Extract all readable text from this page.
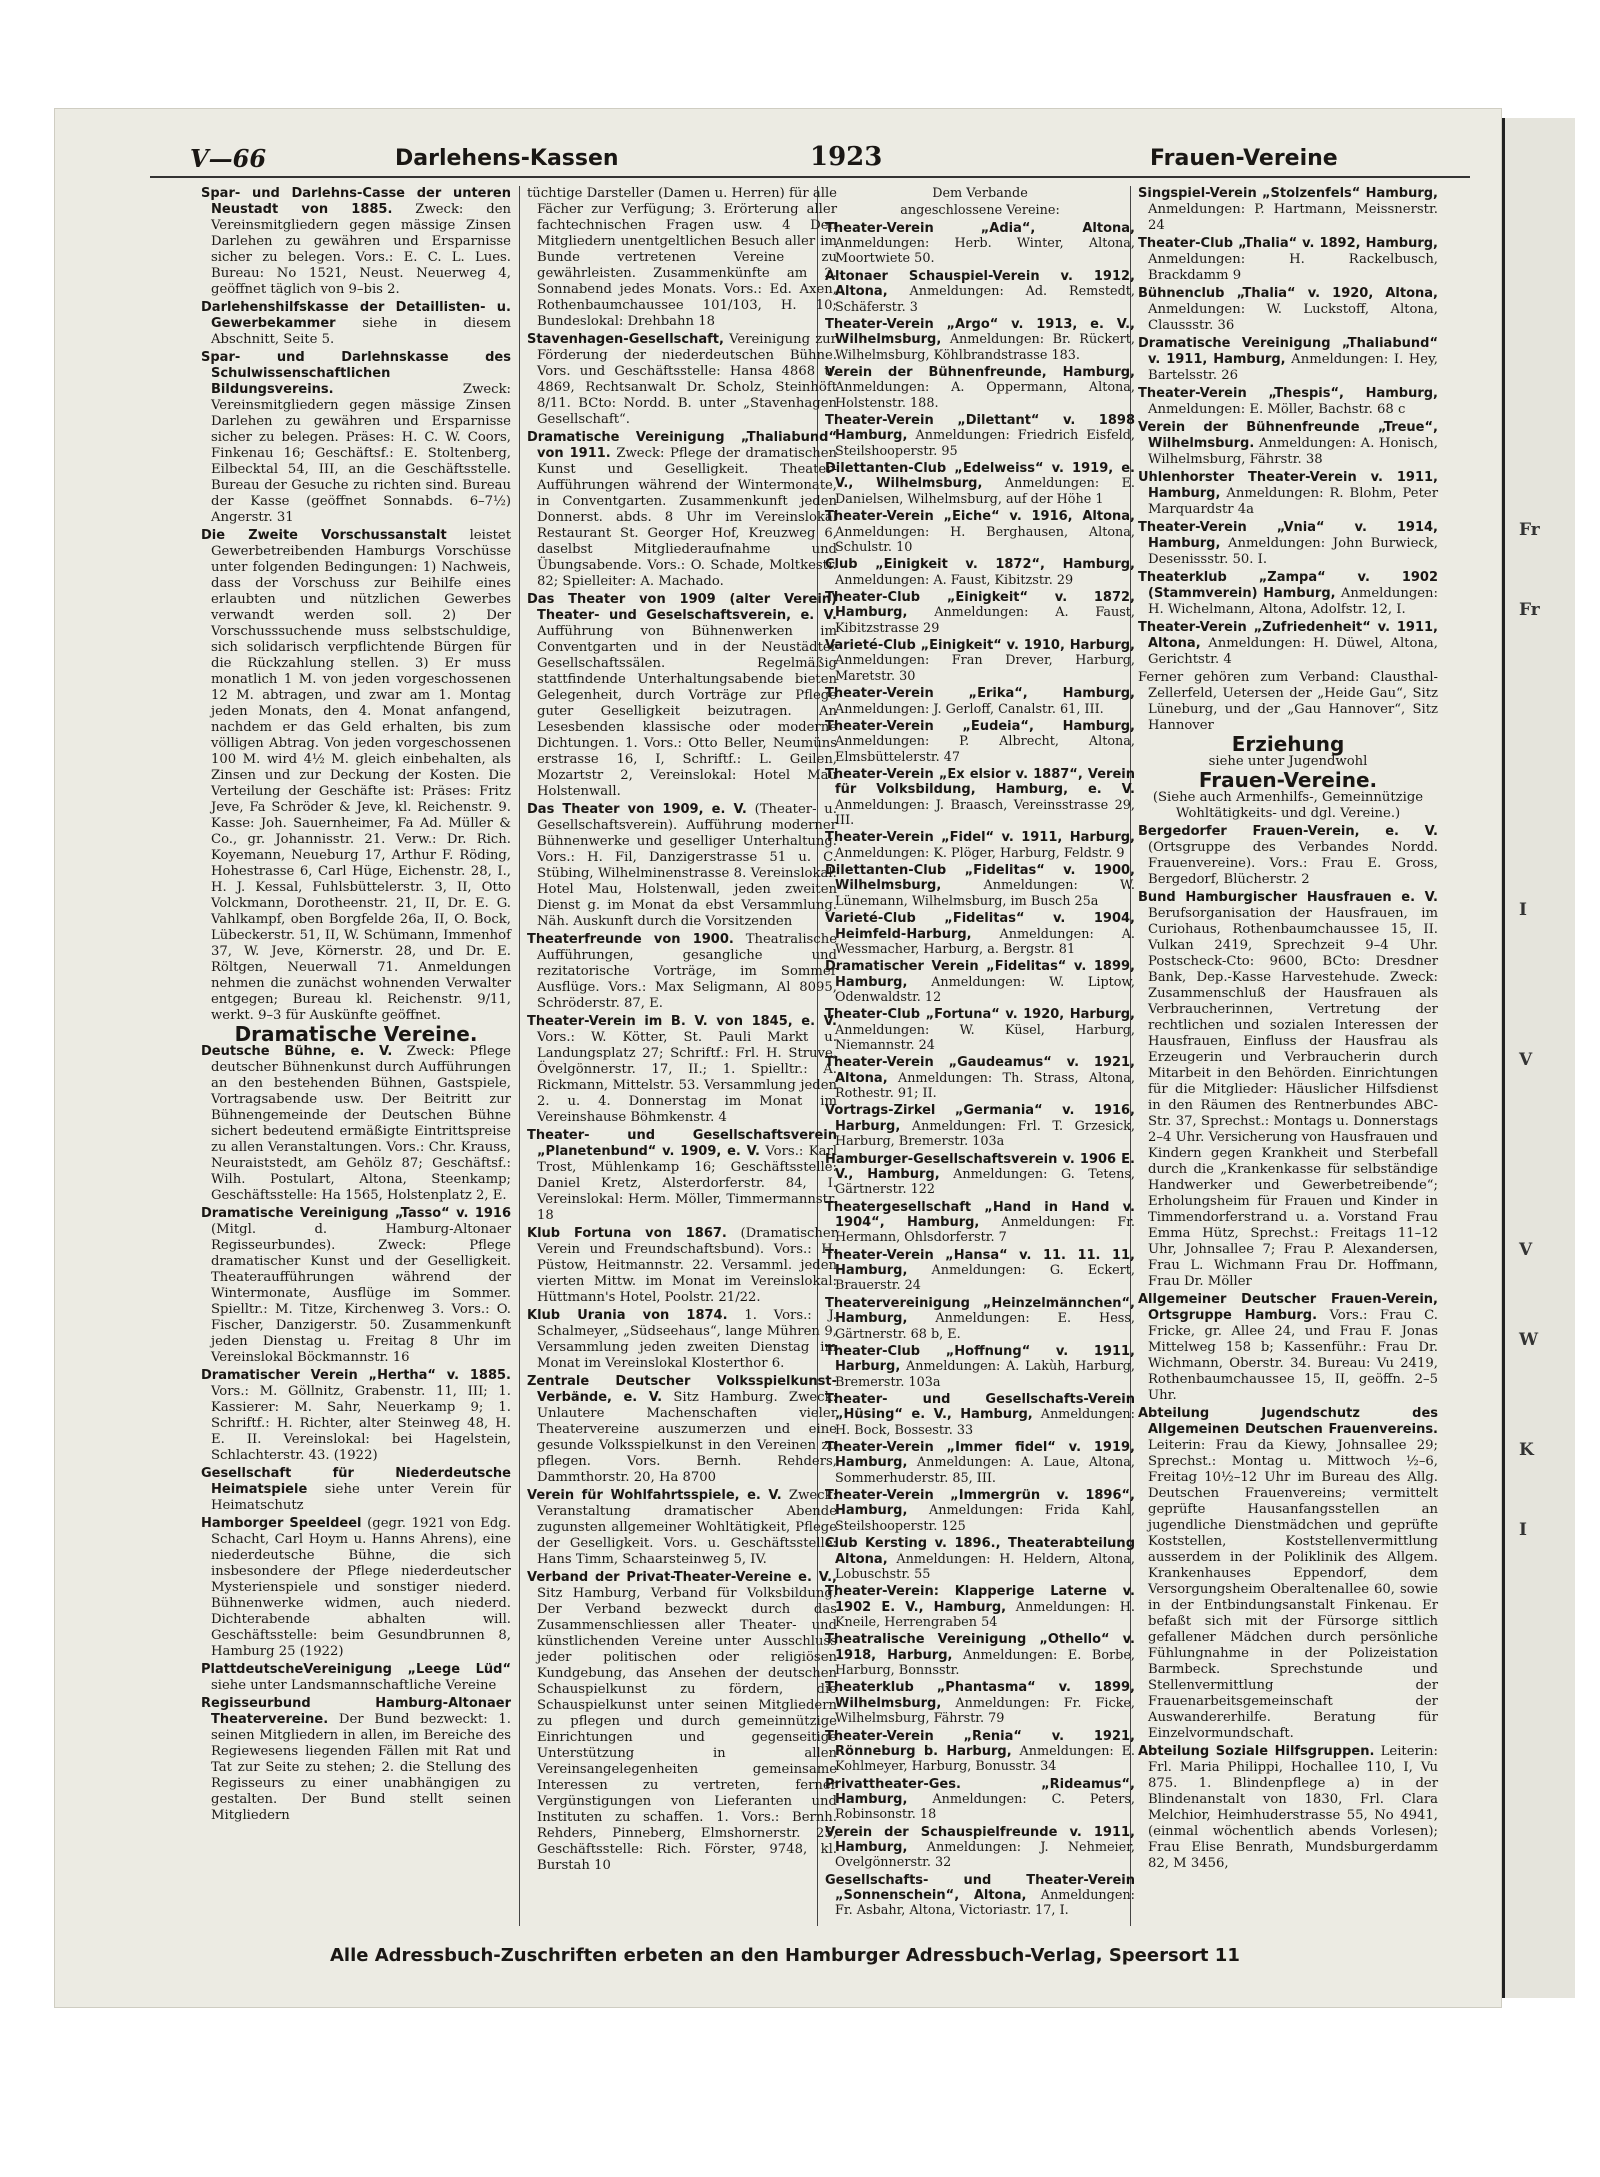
Fr
Fr
I
V
V
W
K
I
V—66	Darlehens-Kassen	1923	Frauen-Vereine

Spar- und Darlehns-Casse der unteren Neustadt von 1885. Zweck: den Vereinsmitgliedern gegen mässige Zinsen Darlehen zu gewähren und Ersparnisse sicher zu belegen. Vors.: E. C. L. Lues. Bureau: No 1521, Neust. Neuerweg 4, geöffnet täglich von 9–bis 2.

Darlehenshilfskasse der Detaillisten- u. Gewerbekammer siehe in diesem Abschnitt, Seite 5.

Spar- und Darlehnskasse des Schulwissenschaftlichen Bildungsvereins.	Zweck: Vereinsmitgliedern gegen mässige Zinsen Darlehen zu gewähren und Ersparnisse sicher zu belegen. Präses: H. C. W. Coors, Finkenau 16; Geschäftsf.: E. Stoltenberg, Eilbecktal 54, III, an die Geschäftsstelle. Bureau der Gesuche zu richten sind. Bureau der Kasse (geöffnet Sonnabds. 6–7½) Angerstr. 31

Die Zweite Vorschussanstalt leistet Gewerbetreibenden Hamburgs Vorschüsse unter folgenden Bedingungen: 1) Nachweis, dass der Vorschuss zur Beihilfe eines erlaubten und nützlichen Gewerbes verwandt werden soll. 2) Der Vorschusssuchende muss selbstschuldige, sich solidarisch verpflichtende Bürgen für die Rückzahlung stellen. 3) Er muss monatlich 1 M. von jeden vorgeschossenen 12 M. abtragen, und zwar am 1. Montag jeden Monats, den 4. Monat anfangend, nachdem er das Geld erhalten, bis zum völligen Abtrag. Von jeden vorgeschossenen 100 M. wird 4½ M. gleich einbehalten, als Zinsen und zur Deckung der Kosten. Die Verteilung der Geschäfte ist: Präses: Fritz Jeve, Fa Schröder & Jeve, kl. Reichenstr. 9. Kasse: Joh. Sauernheimer, Fa Ad. Müller & Co., gr. Johannisstr. 21. Verw.: Dr. Rich. Koyemann, Neueburg 17, Arthur F. Röding, Hohestrasse 6, Carl Hüge, Eichenstr. 28, I., H. J. Kessal, Fuhlsbüttelerstr. 3, II, Otto Volckmann, Dorotheenstr. 21, II, Dr. E. G. Vahlkampf, oben Borgfelde 26a, II, O. Bock, Lübeckerstr. 51, II, W. Schümann, Immenhof 37, W. Jeve, Körnerstr. 28, und Dr. E. Röltgen, Neuerwall 71. Anmeldungen nehmen die zunächst wohnenden Verwalter entgegen; Bureau kl. Reichenstr. 9/11, werkt. 9–3 für Auskünfte geöffnet.

Dramatische Vereine.

Deutsche Bühne, e. V. Zweck: Pflege deutscher Bühnenkunst durch Aufführungen an den bestehenden Bühnen, Gastspiele, Vortragsabende usw. Der Beitritt zur Bühnengemeinde der Deutschen Bühne sichert bedeutend ermäßigte Eintrittspreise zu allen Veranstaltungen. Vors.: Chr. Krauss, Neuraiststedt, am Gehölz 87; Geschäftsf.: Wilh. Postulart, Altona, Steenkamp; Geschäftsstelle: Ha 1565, Holstenplatz 2, E.

Dramatische Vereinigung „Tasso“ v. 1916 (Mitgl. d. Hamburg-Altonaer Regisseurbundes). Zweck: Pflege dramatischer Kunst und der Geselligkeit. Theateraufführungen während der Wintermonate, Ausflüge im Sommer. Spielltr.: M. Titze, Kirchenweg 3. Vors.: O. Fischer, Danzigerstr. 50. Zusammenkunft jeden Dienstag u. Freitag 8 Uhr im Vereinslokal Böckmannstr. 16

Dramatischer Verein „Hertha“ v. 1885. Vors.: M. Göllnitz, Grabenstr. 11, III; 1. Kassierer: M. Sahr, Neuerkamp 9; 1. Schriftf.: H. Richter, alter Steinweg 48, H. E. II. Vereinslokal: bei Hagelstein, Schlachterstr. 43. (1922)

Gesellschaft für Niederdeutsche Heimatspiele siehe unter Verein für Heimatschutz

Hamborger Speeldeel (gegr. 1921 von Edg. Schacht, Carl Hoym u. Hanns Ahrens), eine niederdeutsche Bühne, die sich insbesondere der Pflege niederdeutscher Mysterienspiele und sonstiger niederd. Bühnenwerke widmen, auch niederd. Dichterabende abhalten will. Geschäftsstelle: beim Gesundbrunnen 8, Hamburg 25 (1922)

PlattdeutscheVereinigung „Leege Lüd“ siehe unter Landsmannschaftliche Vereine

Regisseurbund Hamburg-Altonaer Theatervereine. Der Bund bezweckt: 1. seinen Mitgliedern in allen, im Bereiche des Regiewesens liegenden Fällen mit Rat und Tat zur Seite zu stehen; 2. die Stellung des Regisseurs zu einer unabhängigen zu gestalten. Der Bund stellt seinen Mitgliedern

tüchtige Darsteller (Damen u. Herren) für alle Fächer zur Verfügung; 3. Erörterung aller fachtechnischen Fragen usw. 4 Den Mitgliedern unentgeltlichen Besuch aller im Bunde vertretenen Vereine zu gewährleisten. Zusammenkünfte am 2. Sonnabend jedes Monats. Vors.: Ed. Axen, Rothenbaumchaussee 101/103, H. 10; Bundeslokal: Drehbahn 18

Stavenhagen-Gesellschaft, Vereinigung zur Förderung der niederdeutschen Bühne. Vors. und Geschäftsstelle: Hansa 4868 u. 4869, Rechtsanwalt Dr. Scholz, Steinhöft 8/11. BCto: Nordd. B. unter „Stavenhagen Gesellschaft“.

Dramatische Vereinigung „Thaliabund“ von 1911. Zweck: Pflege der dramatischen Kunst und Geselligkeit. Theater-Aufführungen während der Wintermonate, in Conventgarten. Zusammenkunft jeden Donnerst. abds. 8 Uhr im Vereinslokal Restaurant St. Georger Hof, Kreuzweg 6, daselbst Mitgliederaufnahme und Übungsabende. Vors.: O. Schade, Moltkestr. 82; Spielleiter: A. Machado.

Das Theater von 1909 (alter Verein) Theater- und Geselschaftsverein, e. V. Aufführung von Bühnenwerken im Conventgarten und in der Neustädter Gesellschaftssälen. Regelmäßig stattfindende Unterhaltungsabende bieten Gelegenheit, durch Vorträge zur Pflege guter Geselligkeit beizutragen. An Lesesbenden klassische oder moderne Dichtungen. 1. Vors.: Otto Beller, Neumüns erstrasse 16, I, Schriftf.: L. Geilen, Mozartstr 2, Vereinslokal: Hotel Mau Holstenwall.

Das Theater von 1909, e. V. (Theater- u. Gesellschaftsverein). Aufführung moderner Bühnenwerke und geselliger Unterhaltung. Vors.: H. Fil, Danzigerstrasse 51 u. C. Stübing, Wilhelminenstrasse 8. Vereinslokal: Hotel Mau, Holstenwall, jeden zweiten Dienst g. im Monat da ebst Versammlung. Näh. Auskunft durch die Vorsitzenden

Theaterfreunde von 1900. Theatralische Aufführungen, gesangliche und rezitatorische Vorträge, im Sommer Ausflüge. Vors.: Max Seligmann, Al 8095, Schröderstr. 87, E.

Theater-Verein im B. V. von 1845, e. V. Vors.: W. Kötter, St. Pauli Markt u. Landungsplatz 27; Schriftf.: Frl. H. Struve, Övelgönnerstr. 17, II.; 1. Spielltr.: A. Rickmann, Mittelstr. 53. Versammlung jeden 2. u. 4. Donnerstag im Monat im Vereinshause Böhmkenstr. 4

Theater- und Gesellschaftsverein „Planetenbund“ v. 1909, e. V. Vors.: Karl Trost, Mühlenkamp 16; Geschäftsstelle: Daniel Kretz, Alsterdorferstr. 84, I. Vereinslokal: Herm. Möller, Timmermannstr. 18

Klub Fortuna von 1867. (Dramatischer Verein und Freundschaftsbund). Vors.: H. Püstow, Heitmannstr. 22. Versamml. jeden vierten Mittw. im Monat im Vereinslokal: Hüttmann's Hotel, Poolstr. 21/22.

Klub Urania von 1874. 1. Vors.: J. Schalmeyer, „Südseehaus“, lange Mühren 9, Versammlung jeden zweiten Dienstag im Monat im Vereinslokal Klosterthor 6.

Zentrale Deutscher Volksspielkunst-Verbände, e. V. Sitz Hamburg. Zweck: Unlautere Machenschaften vieler Theatervereine auszumerzen und eine gesunde Volksspielkunst in den Vereinen zu pflegen. Vors. Bernh. Rehders, Dammthorstr. 20, Ha 8700

Verein für Wohlfahrtsspiele, e. V. Zweck: Veranstaltung dramatischer Abende zugunsten allgemeiner Wohltätigkeit, Pflege der Geselligkeit. Vors. u. Geschäftsstelle: Hans Timm, Schaarsteinweg 5, IV.

Verband der Privat-Theater-Vereine e. V., Sitz Hamburg, Verband für Volksbildung. Der Verband bezweckt durch das Zusammenschliessen aller Theater- und künstlichenden Vereine unter Ausschluss jeder politischen oder religiösen Kundgebung, das Ansehen der deutschen Schauspielkunst zu fördern, die Schauspielkunst unter seinen Mitgliedern zu pflegen und durch gemeinnützige Einrichtungen und gegenseitige Unterstützung in allen Vereinsangelegenheiten gemeinsame Interessen zu vertreten, ferner Vergünstigungen von Lieferanten und Instituten zu schaffen. 1. Vors.: Bernh. Rehders, Pinneberg, Elmshornerstr. 25, Geschäftsstelle: Rich. Förster, 9748, kl. Burstah 10

Dem Verbande

angeschlossene Vereine:

Theater-Verein „Adia“, Altona, Anmeldungen: Herb. Winter, Altona, Moortwiete 50.

Altonaer Schauspiel-Verein v. 1912, Altona, Anmeldungen: Ad. Remstedt, Schäferstr. 3

Theater-Verein „Argo“ v. 1913, e. V., Wilhelmsburg, Anmeldungen: Br. Rückert, Wilhelmsburg, Köhlbrandstrasse 183.

Verein der Bühnenfreunde, Hamburg, Anmeldungen: A. Oppermann, Altona, Holstenstr. 188.

Theater-Verein „Dilettant“ v. 1898 Hamburg, Anmeldungen: Friedrich Eisfeld, Steilshooperstr. 95

Dilettanten-Club „Edelweiss“ v. 1919, e. V., Wilhelmsburg, Anmeldungen: E. Danielsen, Wilhelmsburg, auf der Höhe 1

Theater-Verein „Eiche“ v. 1916, Altona, Anmeldungen: H. Berghausen, Altona, Schulstr. 10

Club „Einigkeit v. 1872“, Hamburg, Anmeldungen: A. Faust, Kibitzstr. 29

Theater-Club „Einigkeit“ v. 1872, Hamburg, Anmeldungen: A. Faust, Kibitzstrasse 29

Varieté-Club „Einigkeit“ v. 1910, Harburg, Anmeldungen: Fran Drever, Harburg, Maretstr. 30

Theater-Verein „Erika“, Hamburg, Anmeldungen: J. Gerloff, Canalstr. 61, III.

Theater-Verein „Eudeia“, Hamburg, Anmeldungen: P. Albrecht, Altona, Elmsbüttelerstr. 47

Theater-Verein „Ex elsior v. 1887“, Verein für Volksbildung, Hamburg, e. V. Anmeldungen: J. Braasch, Vereinsstrasse 29, III.

Theater-Verein „Fidel“ v. 1911, Harburg, Anmeldungen: K. Plöger, Harburg, Feldstr. 9

Dilettanten-Club „Fidelitas“ v. 1900, Wilhelmsburg,	Anmeldungen: W. Lünemann, Wilhelmsburg, im Busch 25a

Varieté-Club „Fidelitas“ v. 1904, Heimfeld-Harburg, Anmeldungen: A. Wessmacher, Harburg, a. Bergstr. 81

Dramatischer Verein „Fidelitas“ v. 1899, Hamburg, Anmeldungen: W. Liptow, Odenwaldstr. 12

Theater-Club „Fortuna“ v. 1920, Harburg, Anmeldungen: W. Küsel, Harburg, Niemannstr. 24

Theater-Verein „Gaudeamus“ v. 1921, Altona, Anmeldungen: Th. Strass, Altona, Rothestr. 91; II.

Vortrags-Zirkel „Germania“ v. 1916, Harburg, Anmeldungen: Frl. T. Grzesick, Harburg, Bremerstr. 103a

Hamburger-Gesellschaftsverein v. 1906 E. V., Hamburg, Anmeldungen: G. Tetens, Gärtnerstr. 122

Theatergesellschaft „Hand in Hand v. 1904“, Hamburg, Anmeldungen: Fr. Hermann, Ohlsdorferstr. 7

Theater-Verein „Hansa“ v. 11. 11. 11, Hamburg, Anmeldungen: G. Eckert, Brauerstr. 24

Theatervereinigung „Heinzelmännchen“, Hamburg, Anmeldungen: E. Hess, Gärtnerstr. 68 b, E.

Theater-Club „Hoffnung“ v. 1911, Harburg, Anmeldungen: A. Lakùh, Harburg, Bremerstr. 103a

Theater- und Gesellschafts-Verein „Hüsing“ e. V., Hamburg, Anmeldungen: H. Bock, Bossestr. 33

Theater-Verein „Immer fidel“ v. 1919, Hamburg, Anmeldungen: A. Laue, Altona, Sommerhuderstr. 85, III.

Theater-Verein „Immergrün v. 1896“, Hamburg, Anmeldungen: Frida Kahl, Steilshooperstr. 125

Club Kersting v. 1896., Theaterabteilung Altona, Anmeldungen: H. Heldern, Altona, Lobuschstr. 55

Theater-Verein: Klapperige Laterne v. 1902 E. V., Hamburg, Anmeldungen: H. Kneile, Herrengraben 54

Theatralische Vereinigung „Othello“ v. 1918, Harburg, Anmeldungen: E. Borbe, Harburg, Bonnsstr.

Theaterklub „Phantasma“ v. 1899, Wilhelmsburg, Anmeldungen: Fr. Ficke, Wilhelmsburg, Fährstr. 79

Theater-Verein „Renia“ v. 1921, Rönneburg b. Harburg, Anmeldungen: E. Kohlmeyer, Harburg, Bonusstr. 34

Privattheater-Ges. „Rideamus“, Hamburg, Anmeldungen: C. Peters, Robinsonstr. 18

Verein der Schauspielfreunde v. 1911, Hamburg, Anmeldungen: J. Nehmeier, Ovelgönnerstr. 32

Gesellschafts- und Theater-Verein „Sonnenschein“, Altona, Anmeldungen: Fr. Asbahr, Altona, Victoriastr. 17, I.

Singspiel-Verein „Stolzenfels“ Hamburg, Anmeldungen: P. Hartmann, Meissnerstr. 24

Theater-Club „Thalia“ v. 1892, Hamburg, Anmeldungen: H. Rackelbusch, Brackdamm 9

Bühnenclub „Thalia“ v. 1920, Altona, Anmeldungen: W. Luckstoff, Altona, Claussstr. 36

Dramatische Vereinigung „Thaliabund“ v. 1911, Hamburg, Anmeldungen: I. Hey, Bartelsstr. 26

Theater-Verein „Thespis“, Hamburg, Anmeldungen: E. Möller, Bachstr. 68 c

Verein der Bühnenfreunde „Treue“, Wilhelmsburg. Anmeldungen: A. Honisch, Wilhelmsburg, Fährstr. 38

Uhlenhorster Theater-Verein v. 1911, Hamburg, Anmeldungen: R. Blohm, Peter Marquardstr 4a

Theater-Verein „Vnia“ v. 1914, Hamburg, Anmeldungen: John Burwieck, Desenissstr. 50. I.

Theaterklub „Zampa“ v. 1902 (Stammverein) Hamburg, Anmeldungen: H. Wichelmann, Altona, Adolfstr. 12, I.

Theater-Verein „Zufriedenheit“ v. 1911, Altona, Anmeldungen: H. Düwel, Altona, Gerichtstr. 4

Ferner gehören zum Verband: Clausthal-Zellerfeld, Uetersen der „Heide Gau“, Sitz Lüneburg, und der „Gau Hannover“, Sitz Hannover

Erziehung

siehe unter Jugendwohl

Frauen-Vereine.

(Siehe auch Armenhilfs-, Gemeinnützige Wohltätigkeits- und dgl. Vereine.)

Bergedorfer Frauen-Verein, e. V. (Ortsgruppe des Verbandes Nordd. Frauenvereine). Vors.: Frau E. Gross, Bergedorf, Blücherstr. 2

Bund Hamburgischer Hausfrauen e. V. Berufsorganisation der Hausfrauen, im Curiohaus, Rothenbaumchaussee 15, II. Vulkan 2419, Sprechzeit 9–4 Uhr. Postscheck-Cto: 9600, BCto: Dresdner Bank, Dep.-Kasse Harvestehude. Zweck: Zusammenschluß der Hausfrauen als Verbraucherinnen, Vertretung der rechtlichen und sozialen Interessen der Hausfrauen, Einfluss der Hausfrau als Erzeugerin und Verbraucherin durch Mitarbeit in den Behörden. Einrichtungen für die Mitglieder: Häuslicher Hilfsdienst in den Räumen des Rentnerbundes ABC-Str. 37, Sprechst.: Montags u. Donnerstags 2–4 Uhr. Versicherung von Hausfrauen und Kindern gegen Krankheit und Sterbefall durch die „Krankenkasse für selbständige Handwerker und Gewerbetreibende“; Erholungsheim für Frauen und Kinder in Timmendorferstrand u. a. Vorstand Frau Emma Hütz, Sprechst.: Freitags 11–12 Uhr, Johnsallee 7; Frau P. Alexandersen, Frau L. Wichmann Frau Dr. Hoffmann, Frau Dr. Möller

Allgemeiner Deutscher Frauen-Verein, Ortsgruppe Hamburg. Vors.: Frau C. Fricke, gr. Allee 24, und Frau F. Jonas Mittelweg 158 b; Kassenführ.: Frau Dr. Wichmann, Oberstr. 34. Bureau: Vu 2419, Rothenbaumchaussee 15, II, geöffn. 2–5 Uhr.

Abteilung Jugendschutz des Allgemeinen Deutschen Frauenvereins. Leiterin: Frau da Kiewy, Johnsallee 29; Sprechst.: Montag u. Mittwoch ½–6, Freitag 10½–12 Uhr im Bureau des Allg. Deutschen Frauenvereins; vermittelt geprüfte Hausanfangsstellen an jugendliche Dienstmädchen und geprüfte Koststellen, Koststellenvermittlung ausserdem in der Poliklinik des Allgem. Krankenhauses Eppendorf, dem Versorgungsheim Oberaltenallee 60, sowie in der Entbindungsanstalt Finkenau. Er befaßt sich mit der Fürsorge sittlich gefallener Mädchen durch persönliche Fühlungnahme in der Polizeistation Barmbeck. Sprechstunde und Stellenvermittlung der Frauenarbeitsgemeinschaft der Auswandererhilfe. Beratung für Einzelvormundschaft.

Abteilung Soziale Hilfsgruppen. Leiterin: Frl. Maria Philippi, Hochallee 110, I, Vu 875. 1. Blindenpflege a) in der Blindenanstalt von 1830, Frl. Clara Melchior, Heimhuderstrasse 55, No 4941, (einmal wöchentlich abends Vorlesen); Frau Elise Benrath, Mundsburgerdamm 82, M 3456,

Alle Adressbuch-Zuschriften erbeten an den Hamburger Adressbuch-Verlag, Speersort 11
